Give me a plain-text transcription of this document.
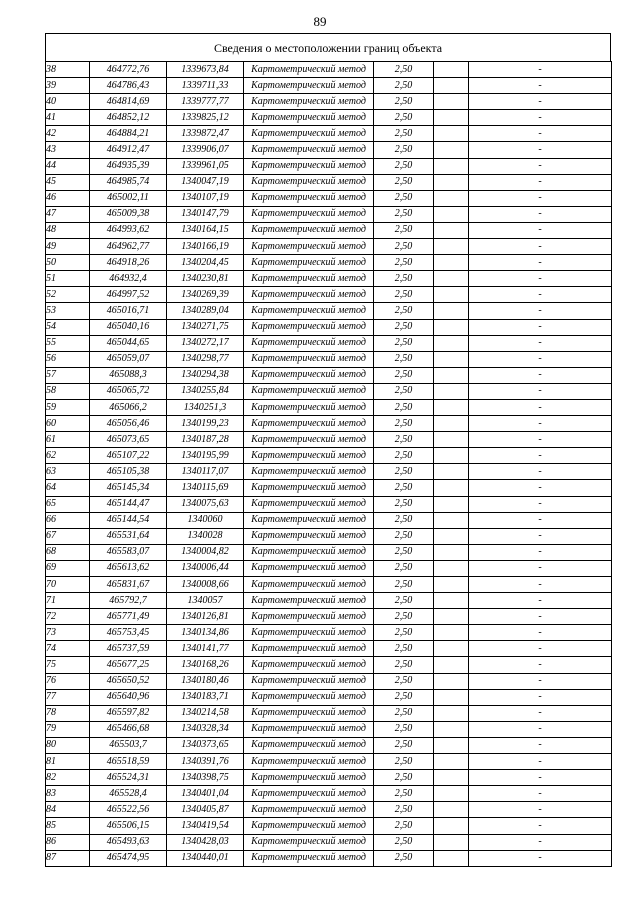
89
Сведения о местоположении границ объекта
38	464772,76	1339673,84	Картометрический метод	2,50		-
39	464786,43	1339711,33	Картометрический метод	2,50		-
40	464814,69	1339777,77	Картометрический метод	2,50		-
41	464852,12	1339825,12	Картометрический метод	2,50		-
42	464884,21	1339872,47	Картометрический метод	2,50		-
43	464912,47	1339906,07	Картометрический метод	2,50		-
44	464935,39	1339961,05	Картометрический метод	2,50		-
45	464985,74	1340047,19	Картометрический метод	2,50		-
46	465002,11	1340107,19	Картометрический метод	2,50		-
47	465009,38	1340147,79	Картометрический метод	2,50		-
48	464993,62	1340164,15	Картометрический метод	2,50		-
49	464962,77	1340166,19	Картометрический метод	2,50		-
50	464918,26	1340204,45	Картометрический метод	2,50		-
51	464932,4	1340230,81	Картометрический метод	2,50		-
52	464997,52	1340269,39	Картометрический метод	2,50		-
53	465016,71	1340289,04	Картометрический метод	2,50		-
54	465040,16	1340271,75	Картометрический метод	2,50		-
55	465044,65	1340272,17	Картометрический метод	2,50		-
56	465059,07	1340298,77	Картометрический метод	2,50		-
57	465088,3	1340294,38	Картометрический метод	2,50		-
58	465065,72	1340255,84	Картометрический метод	2,50		-
59	465066,2	1340251,3	Картометрический метод	2,50		-
60	465056,46	1340199,23	Картометрический метод	2,50		-
61	465073,65	1340187,28	Картометрический метод	2,50		-
62	465107,22	1340195,99	Картометрический метод	2,50		-
63	465105,38	1340117,07	Картометрический метод	2,50		-
64	465145,34	1340115,69	Картометрический метод	2,50		-
65	465144,47	1340075,63	Картометрический метод	2,50		-
66	465144,54	1340060	Картометрический метод	2,50		-
67	465531,64	1340028	Картометрический метод	2,50		-
68	465583,07	1340004,82	Картометрический метод	2,50		-
69	465613,62	1340006,44	Картометрический метод	2,50		-
70	465831,67	1340008,66	Картометрический метод	2,50		-
71	465792,7	1340057	Картометрический метод	2,50		-
72	465771,49	1340126,81	Картометрический метод	2,50		-
73	465753,45	1340134,86	Картометрический метод	2,50		-
74	465737,59	1340141,77	Картометрический метод	2,50		-
75	465677,25	1340168,26	Картометрический метод	2,50		-
76	465650,52	1340180,46	Картометрический метод	2,50		-
77	465640,96	1340183,71	Картометрический метод	2,50		-
78	465597,82	1340214,58	Картометрический метод	2,50		-
79	465466,68	1340328,34	Картометрический метод	2,50		-
80	465503,7	1340373,65	Картометрический метод	2,50		-
81	465518,59	1340391,76	Картометрический метод	2,50		-
82	465524,31	1340398,75	Картометрический метод	2,50		-
83	465528,4	1340401,04	Картометрический метод	2,50		-
84	465522,56	1340405,87	Картометрический метод	2,50		-
85	465506,15	1340419,54	Картометрический метод	2,50		-
86	465493,63	1340428,03	Картометрический метод	2,50		-
87	465474,95	1340440,01	Картометрический метод	2,50		-
